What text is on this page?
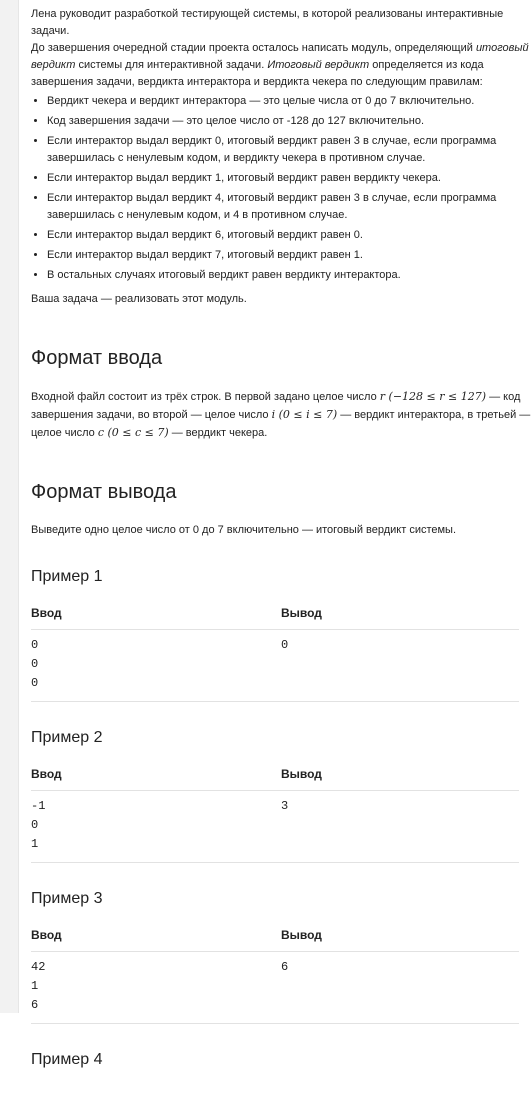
Лена руководит разработкой тестирующей системы, в которой реализованы интерактивные задачи.

До завершения очередной стадии проекта осталось написать модуль, определяющий итоговый вердикт системы для интерактивной задачи. Итоговый вердикт определяется из кода завершения задачи, вердикта интерактора и вердикта чекера по следующим правилам:

• Вердикт чекера и вердикт интерактора — это целые числа от 0 до 7 включительно.
• Код завершения задачи — это целое число от -128 до 127 включительно.
• Если интерактор выдал вердикт 0, итоговый вердикт равен 3 в случае, если программа завершилась с ненулевым кодом, и вердикту чекера в противном случае.
• Если интерактор выдал вердикт 1, итоговый вердикт равен вердикту чекера.
• Если интерактор выдал вердикт 4, итоговый вердикт равен 3 в случае, если программа завершилась с ненулевым кодом, и 4 в противном случае.
• Если интерактор выдал вердикт 6, итоговый вердикт равен 0.
• Если интерактор выдал вердикт 7, итоговый вердикт равен 1.
• В остальных случаях итоговый вердикт равен вердикту интерактора.

Ваша задача — реализовать этот модуль.

Формат ввода

Входной файл состоит из трёх строк. В первой задано целое число r (−128 ≤ r ≤ 127) — код завершения задачи, во второй — целое число i (0 ≤ i ≤ 7) — вердикт интерактора, в третьей — целое число c (0 ≤ c ≤ 7) — вердикт чекера.

Формат вывода

Выведите одно целое число от 0 до 7 включительно — итоговый вердикт системы.

Пример 1
Ввод	Вывод

0
0
0	0
Пример 2
Ввод	Вывод

-1
0
1	3
Пример 3
Ввод	Вывод

42
1
6	6
Пример 4
